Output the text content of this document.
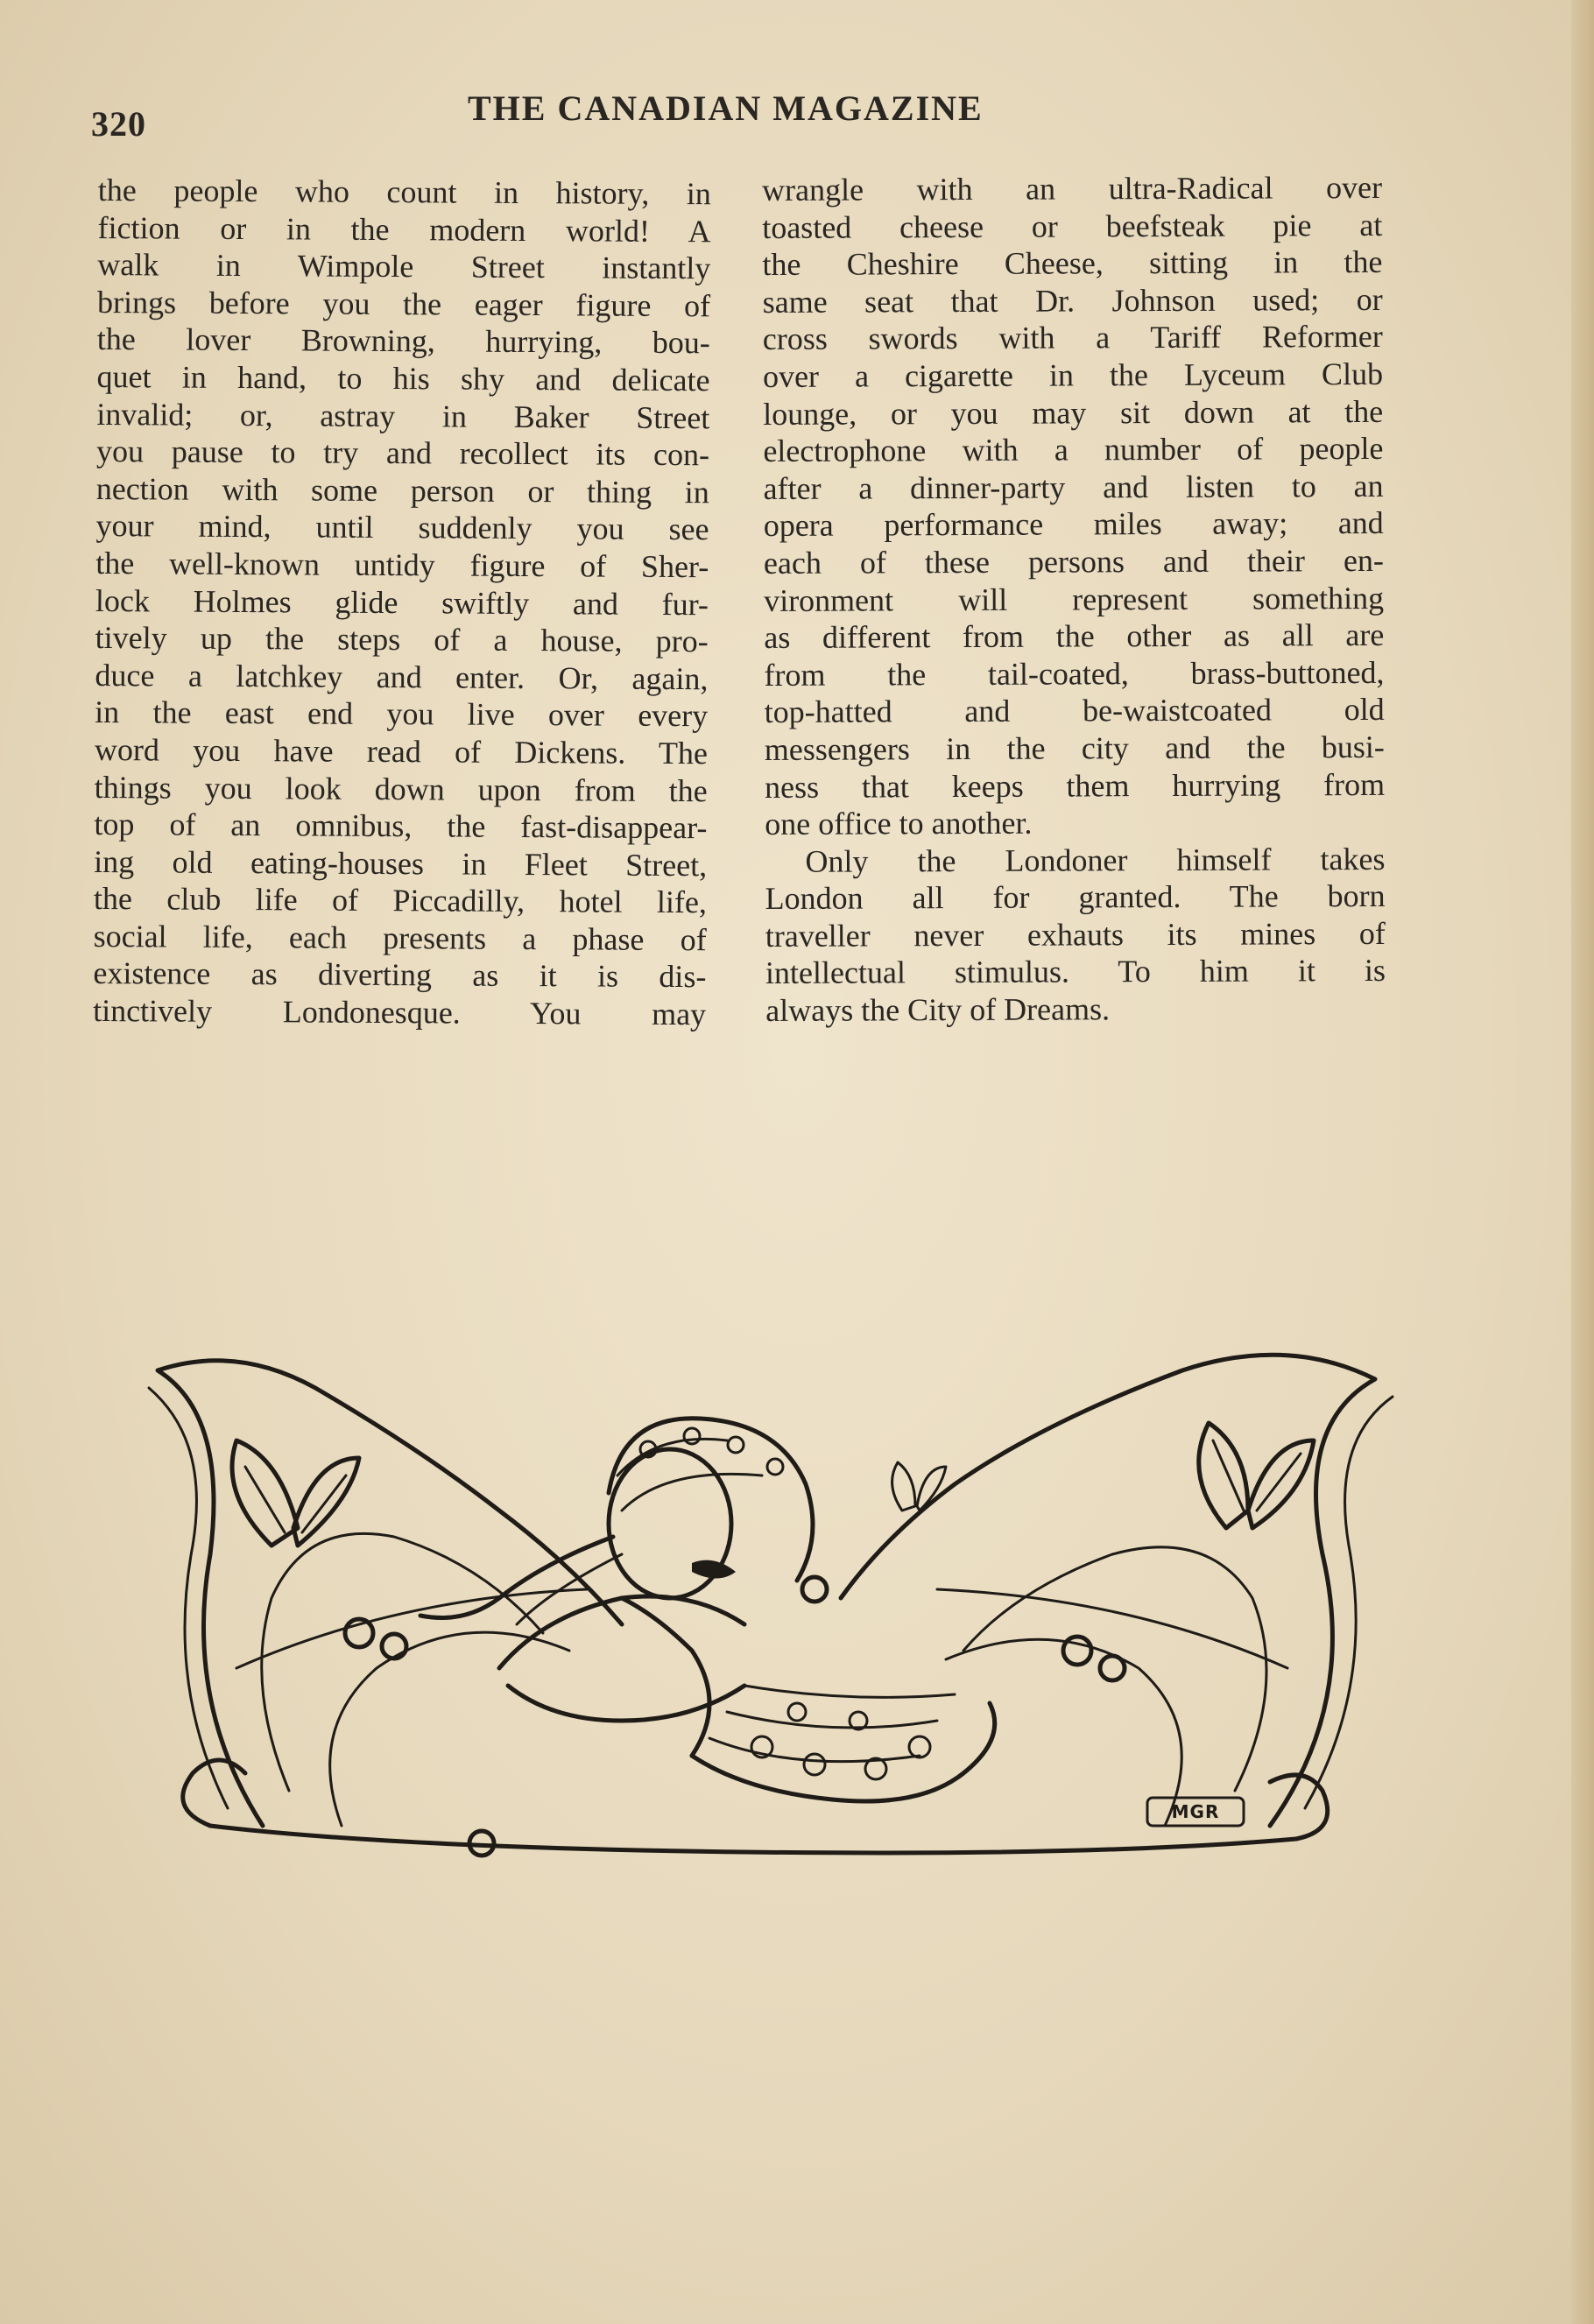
320	THE CANADIAN MAGAZINE
the people who count in history, in
fiction or in the modern world! A
walk in Wimpole Street instantly
brings before you the eager figure of
the lover Browning, hurrying, bou-
quet in hand, to his shy and delicate
invalid; or, astray in Baker Street
you pause to try and recollect its con-
nection with some person or thing in
your mind, until suddenly you see
the well-known untidy figure of Sher-
lock Holmes glide swiftly and fur-
tively up the steps of a house, pro-
duce a latchkey and enter. Or, again,
in the east end you live over every
word you have read of Dickens. The
things you look down upon from the
top of an omnibus, the fast-disappear-
ing old eating-houses in Fleet Street,
the club life of Piccadilly, hotel life,
social life, each presents a phase of
existence as diverting as it is dis-
tinctively Londonesque. You may
wrangle with an ultra-Radical over
toasted cheese or beefsteak pie at
the Cheshire Cheese, sitting in the
same seat that Dr. Johnson used; or
cross swords with a Tariff Reformer
over a cigarette in the Lyceum Club
lounge, or you may sit down at the
electrophone with a number of people
after a dinner-party and listen to an
opera performance miles away; and
each of these persons and their en-
vironment will represent something
as different from the other as all are
from the tail-coated, brass-buttoned,
top-hatted and be-waistcoated old
messengers in the city and the busi-
ness that keeps them hurrying from
one office to another.
Only the Londoner himself takes
London all for granted. The born
traveller never exhauts its mines of
intellectual stimulus. To him it is
always the City of Dreams.
MGR
